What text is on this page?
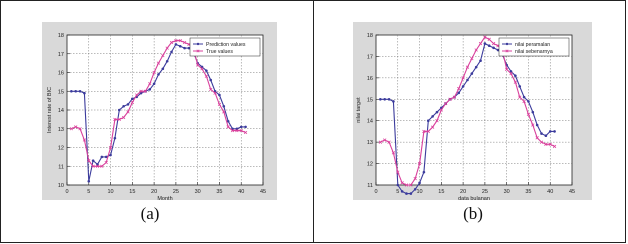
0	5	10	15	20	25	30	35	40	45
10
11
12
13
14
15
16
17
18
Month
Interest rate of BIC
Prediction values
True values
(a)
0	5	10	15	20	25	30	35	40	45
11
12
13
14
15
16
17
18
data bulanan
nilai target
nilai peramalan
nilai sebenarnya
(b)
